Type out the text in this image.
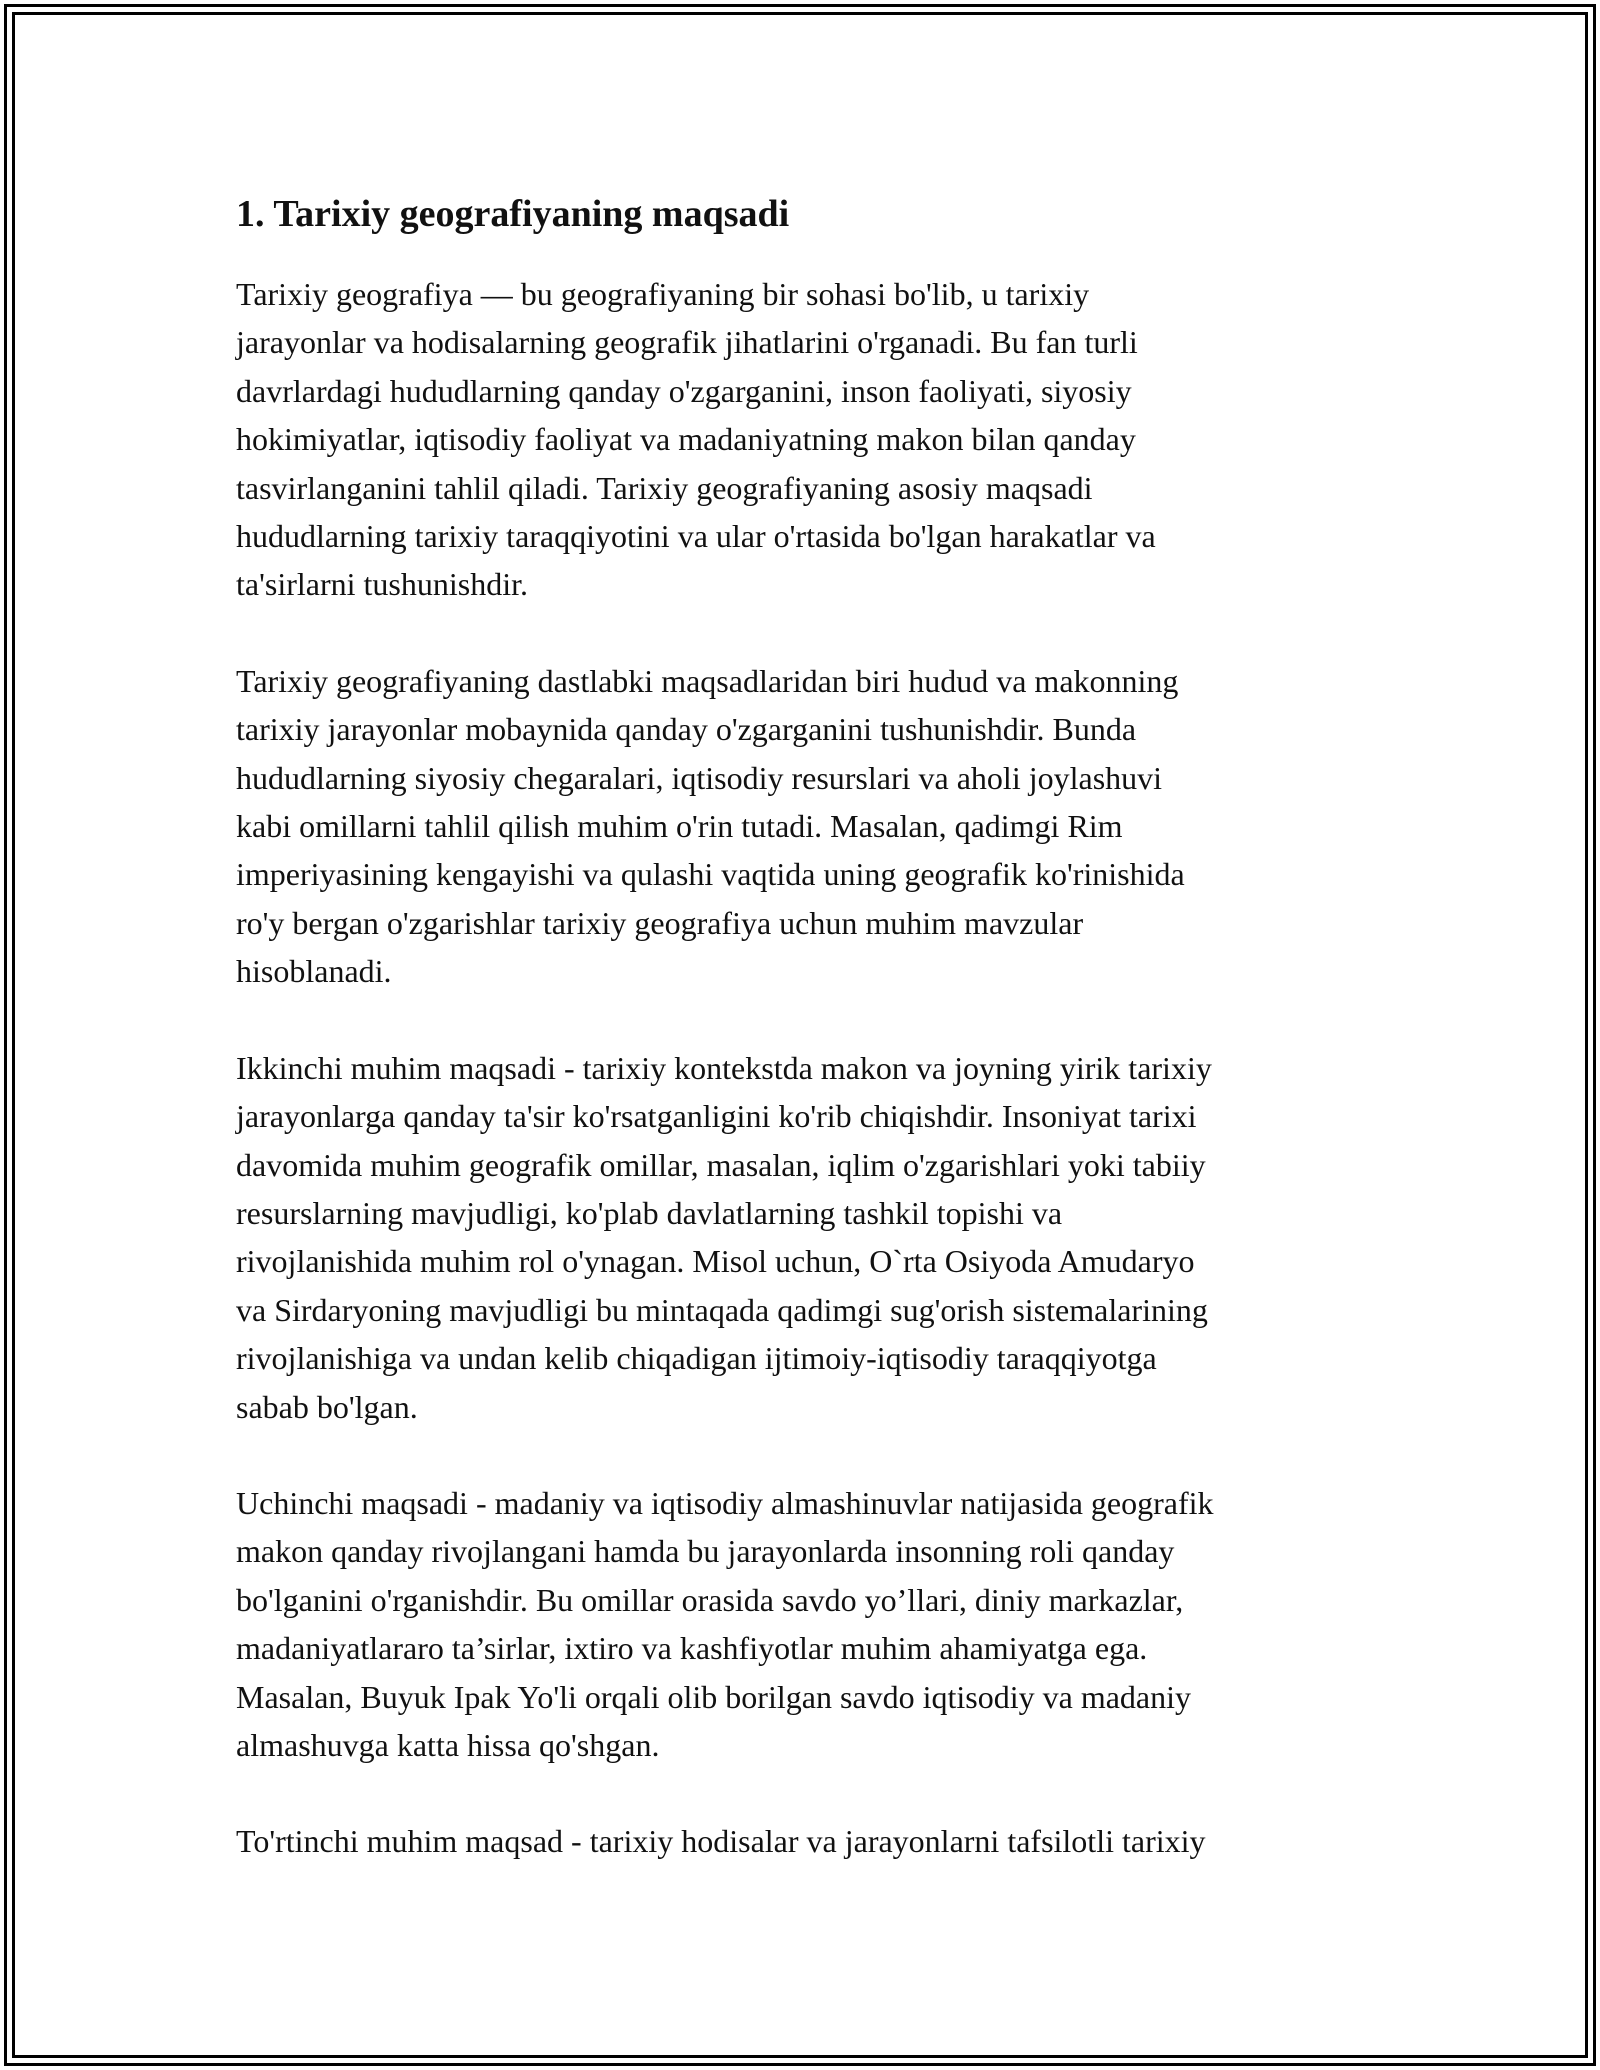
1. Tarixiy geografiyaning maqsadi

Tarixiy geografiya — bu geografiyaning bir sohasi bo'lib, u tarixiy
jarayonlar va hodisalarning geografik jihatlarini o'rganadi. Bu fan turli
davrlardagi hududlarning qanday o'zgarganini, inson faoliyati, siyosiy
hokimiyatlar, iqtisodiy faoliyat va madaniyatning makon bilan qanday
tasvirlanganini tahlil qiladi. Tarixiy geografiyaning asosiy maqsadi
hududlarning tarixiy taraqqiyotini va ular o'rtasida bo'lgan harakatlar va
ta'sirlarni tushunishdir.

Tarixiy geografiyaning dastlabki maqsadlaridan biri hudud va makonning
tarixiy jarayonlar mobaynida qanday o'zgarganini tushunishdir. Bunda
hududlarning siyosiy chegaralari, iqtisodiy resurslari va aholi joylashuvi
kabi omillarni tahlil qilish muhim o'rin tutadi. Masalan, qadimgi Rim
imperiyasining kengayishi va qulashi vaqtida uning geografik ko'rinishida
ro'y bergan o'zgarishlar tarixiy geografiya uchun muhim mavzular
hisoblanadi.

Ikkinchi muhim maqsadi - tarixiy kontekstda makon va joyning yirik tarixiy
jarayonlarga qanday ta'sir ko'rsatganligini ko'rib chiqishdir. Insoniyat tarixi
davomida muhim geografik omillar, masalan, iqlim o'zgarishlari yoki tabiiy
resurslarning mavjudligi, ko'plab davlatlarning tashkil topishi va
rivojlanishida muhim rol o'ynagan. Misol uchun, O`rta Osiyoda Amudaryo
va Sirdaryoning mavjudligi bu mintaqada qadimgi sug'orish sistemalarining
rivojlanishiga va undan kelib chiqadigan ijtimoiy-iqtisodiy taraqqiyotga
sabab bo'lgan.

Uchinchi maqsadi - madaniy va iqtisodiy almashinuvlar natijasida geografik
makon qanday rivojlangani hamda bu jarayonlarda insonning roli qanday
bo'lganini o'rganishdir. Bu omillar orasida savdo yo’llari, diniy markazlar,
madaniyatlararo ta’sirlar, ixtiro va kashfiyotlar muhim ahamiyatga ega.
Masalan, Buyuk Ipak Yo'li orqali olib borilgan savdo iqtisodiy va madaniy
almashuvga katta hissa qo'shgan.

To'rtinchi muhim maqsad - tarixiy hodisalar va jarayonlarni tafsilotli tarixiy
